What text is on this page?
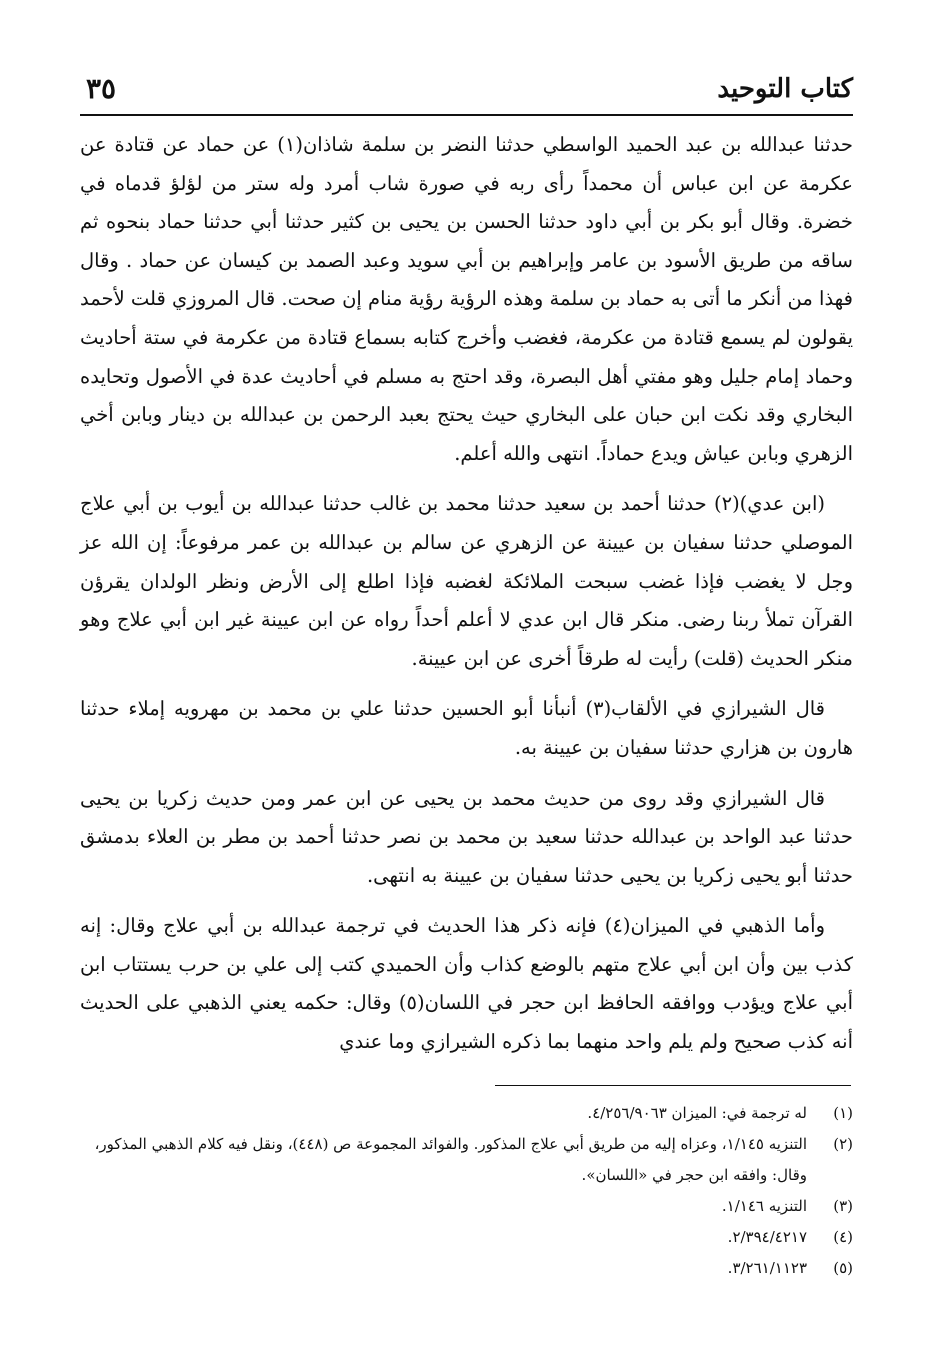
كتاب التوحيد
٣٥

حدثنا عبدالله بن عبد الحميد الواسطي حدثنا النضر بن سلمة شاذان(١) عن حماد عن قتادة عن عكرمة عن ابن عباس أن محمداً رأى ربه في صورة شاب أمرد وله ستر من لؤلؤ قدماه في خضرة. وقال أبو بكر بن أبي داود حدثنا الحسن بن يحيى بن كثير حدثنا أبي حدثنا حماد بنحوه ثم ساقه من طريق الأسود بن عامر وإبراهيم بن أبي سويد وعبد الصمد بن كيسان عن حماد . وقال فهذا من أنكر ما أتى به حماد بن سلمة وهذه الرؤية رؤية منام إن صحت. قال المروزي قلت لأحمد يقولون لم يسمع قتادة من عكرمة، فغضب وأخرج كتابه بسماع قتادة من عكرمة في ستة أحاديث وحماد إمام جليل وهو مفتي أهل البصرة، وقد احتج به مسلم في أحاديث عدة في الأصول وتحايده البخاري وقد نكت ابن حبان على البخاري حيث يحتج بعبد الرحمن بن عبدالله بن دينار وبابن أخي الزهري وبابن عياش ويدع حماداً. انتهى والله أعلم.

(ابن عدي)(٢) حدثنا أحمد بن سعيد حدثنا محمد بن غالب حدثنا عبدالله بن أيوب بن أبي علاج الموصلي حدثنا سفيان بن عيينة عن الزهري عن سالم بن عبدالله بن عمر مرفوعاً: إن الله عز وجل لا يغضب فإذا غضب سبحت الملائكة لغضبه فإذا اطلع إلى الأرض ونظر الولدان يقرؤن القرآن تملأ ربنا رضى. منكر قال ابن عدي لا أعلم أحداً رواه عن ابن عيينة غير ابن أبي علاج وهو منكر الحديث (قلت) رأيت له طرقاً أخرى عن ابن عيينة.

قال الشيرازي في الألقاب(٣) أنبأنا أبو الحسين حدثنا علي بن محمد بن مهرويه إملاء حدثنا هارون بن هزاري حدثنا سفيان بن عيينة به.

قال الشيرازي وقد روى من حديث محمد بن يحيى عن ابن عمر ومن حديث زكريا بن يحيى حدثنا عبد الواحد بن عبدالله حدثنا سعيد بن محمد بن نصر حدثنا أحمد بن مطر بن العلاء بدمشق حدثنا أبو يحيى زكريا بن يحيى حدثنا سفيان بن عيينة به انتهى.

وأما الذهبي في الميزان(٤) فإنه ذكر هذا الحديث في ترجمة عبدالله بن أبي علاج وقال: إنه كذب بين وأن ابن أبي علاج متهم بالوضع كذاب وأن الحميدي كتب إلى علي بن حرب يستتاب ابن أبي علاج ويؤدب ووافقه الحافظ ابن حجر في اللسان(٥) وقال: حكمه يعني الذهبي على الحديث أنه كذب صحيح ولم يلم واحد منهما بما ذكره الشيرازي وما عندي

(١)
له ترجمة في: الميزان ٤/٢٥٦/٩٠٦٣.
(٢)
التنزيه ١/١٤٥، وعزاه إليه من طريق أبي علاج المذكور. والفوائد المجموعة ص (٤٤٨)، ونقل فيه كلام الذهبي المذكور، وقال: وافقه ابن حجر في «اللسان».
(٣)
التنزيه ١/١٤٦.
(٤)
٢/٣٩٤/٤٢١٧.
(٥)
٣/٢٦١/١١٢٣.
